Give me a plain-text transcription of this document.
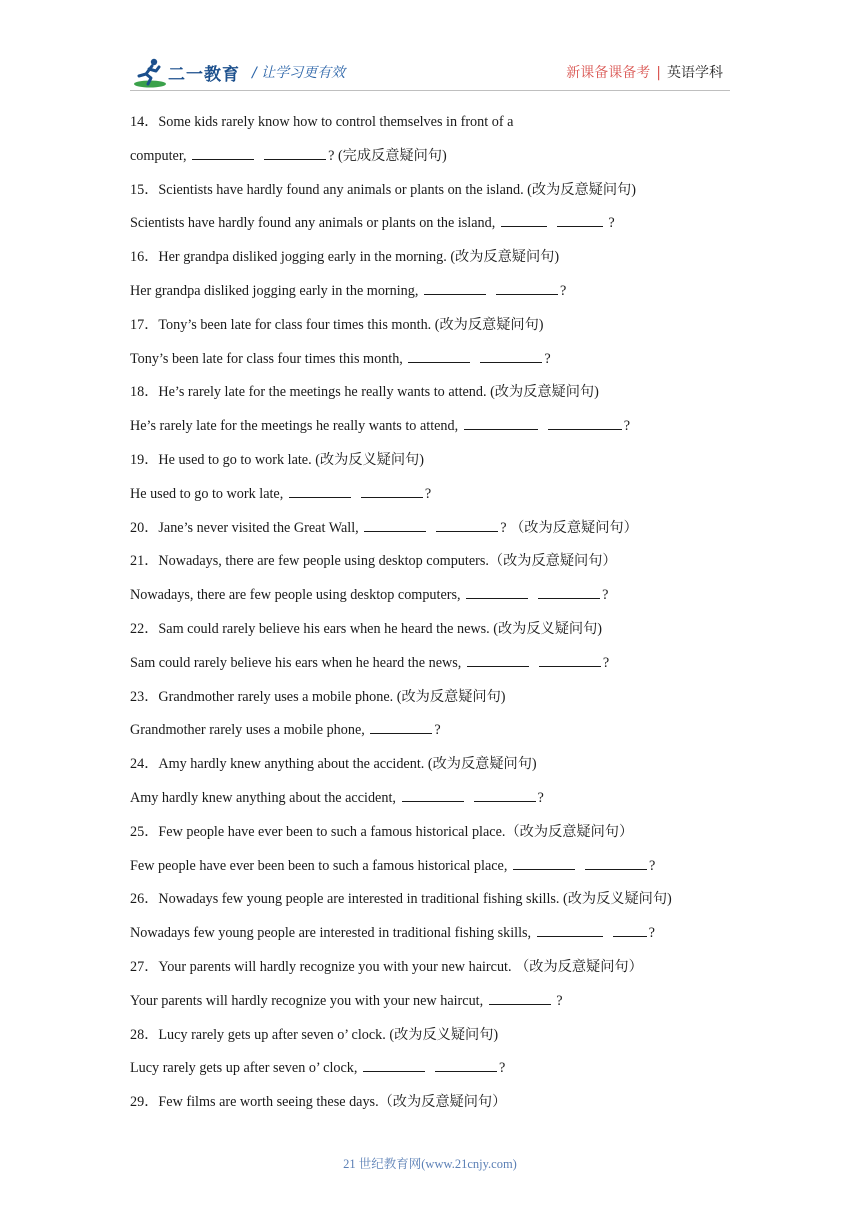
二一教育 / 让学习更有效	新课备课备考 | 英语学科
14．Some kids rarely know how to control themselves in front of a
computer,	? (完成反意疑问句)
15．Scientists have hardly found any animals or plants on the island. (改为反意疑问句)
Scientists have hardly found any animals or plants on the island,	?
16．Her grandpa disliked jogging early in the morning. (改为反意疑问句)
Her grandpa disliked jogging early in the morning,	?
17．Tony’s been late for class four times this month. (改为反意疑问句)
Tony’s been late for class four times this month,	?
18．He’s rarely late for the meetings he really wants to attend. (改为反意疑问句)
He’s rarely late for the meetings he really wants to attend,	?
19．He used to go to work late. (改为反义疑问句)
He used to go to work late,	?
20．Jane’s never visited the Great Wall,	? （改为反意疑问句）
21．Nowadays, there are few people using desktop computers.（改为反意疑问句）
Nowadays, there are few people using desktop computers,	?
22．Sam could rarely believe his ears when he heard the news. (改为反义疑问句)
Sam could rarely believe his ears when he heard the news,	?
23．Grandmother rarely uses a mobile phone. (改为反意疑问句)
Grandmother rarely uses a mobile phone,	?
24．Amy hardly knew anything about the accident. (改为反意疑问句)
Amy hardly knew anything about the accident,	?
25．Few people have ever been to such a famous historical place.（改为反意疑问句）
Few people have ever been been to such a famous historical place,	?
26．Nowadays few young people are interested in traditional fishing skills. (改为反义疑问句)
Nowadays few young people are interested in traditional fishing skills,	?
27．Your parents will hardly recognize you with your new haircut. （改为反意疑问句）
Your parents will hardly recognize you with your new haircut,	?
28．Lucy rarely gets up after seven o’ clock. (改为反义疑问句)
Lucy rarely gets up after seven o’ clock,	?
29．Few films are worth seeing these days.（改为反意疑问句）
21 世纪教育网(www.21cnjy.com)
